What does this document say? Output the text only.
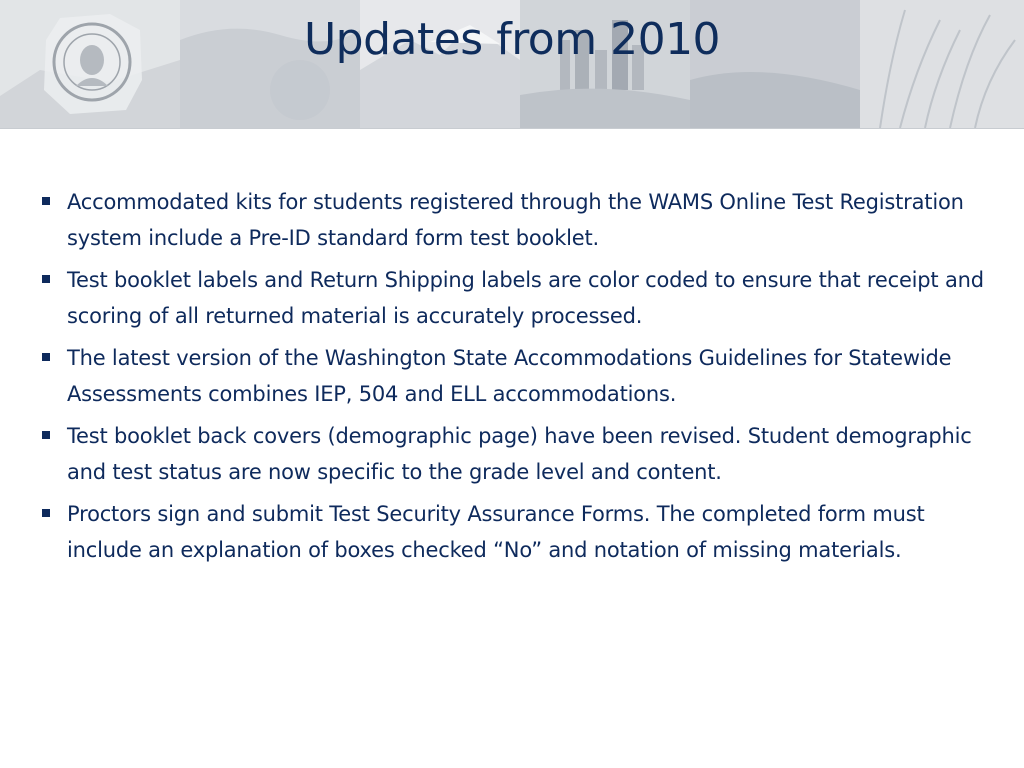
Updates from 2010
Accommodated kits for students registered through the WAMS Online Test Registration system include a Pre-ID standard form test booklet.
Test booklet labels and Return Shipping labels are color coded to ensure that receipt and scoring of all returned material is accurately processed.
The latest version of the Washington State Accommodations Guidelines for Statewide Assessments combines IEP, 504 and ELL accommodations.
Test booklet back covers (demographic page) have been revised. Student demographic and test status are now specific to the grade level and content.
Proctors sign and submit Test Security Assurance Forms. The completed form must include an explanation of boxes checked “No” and notation of missing materials.
